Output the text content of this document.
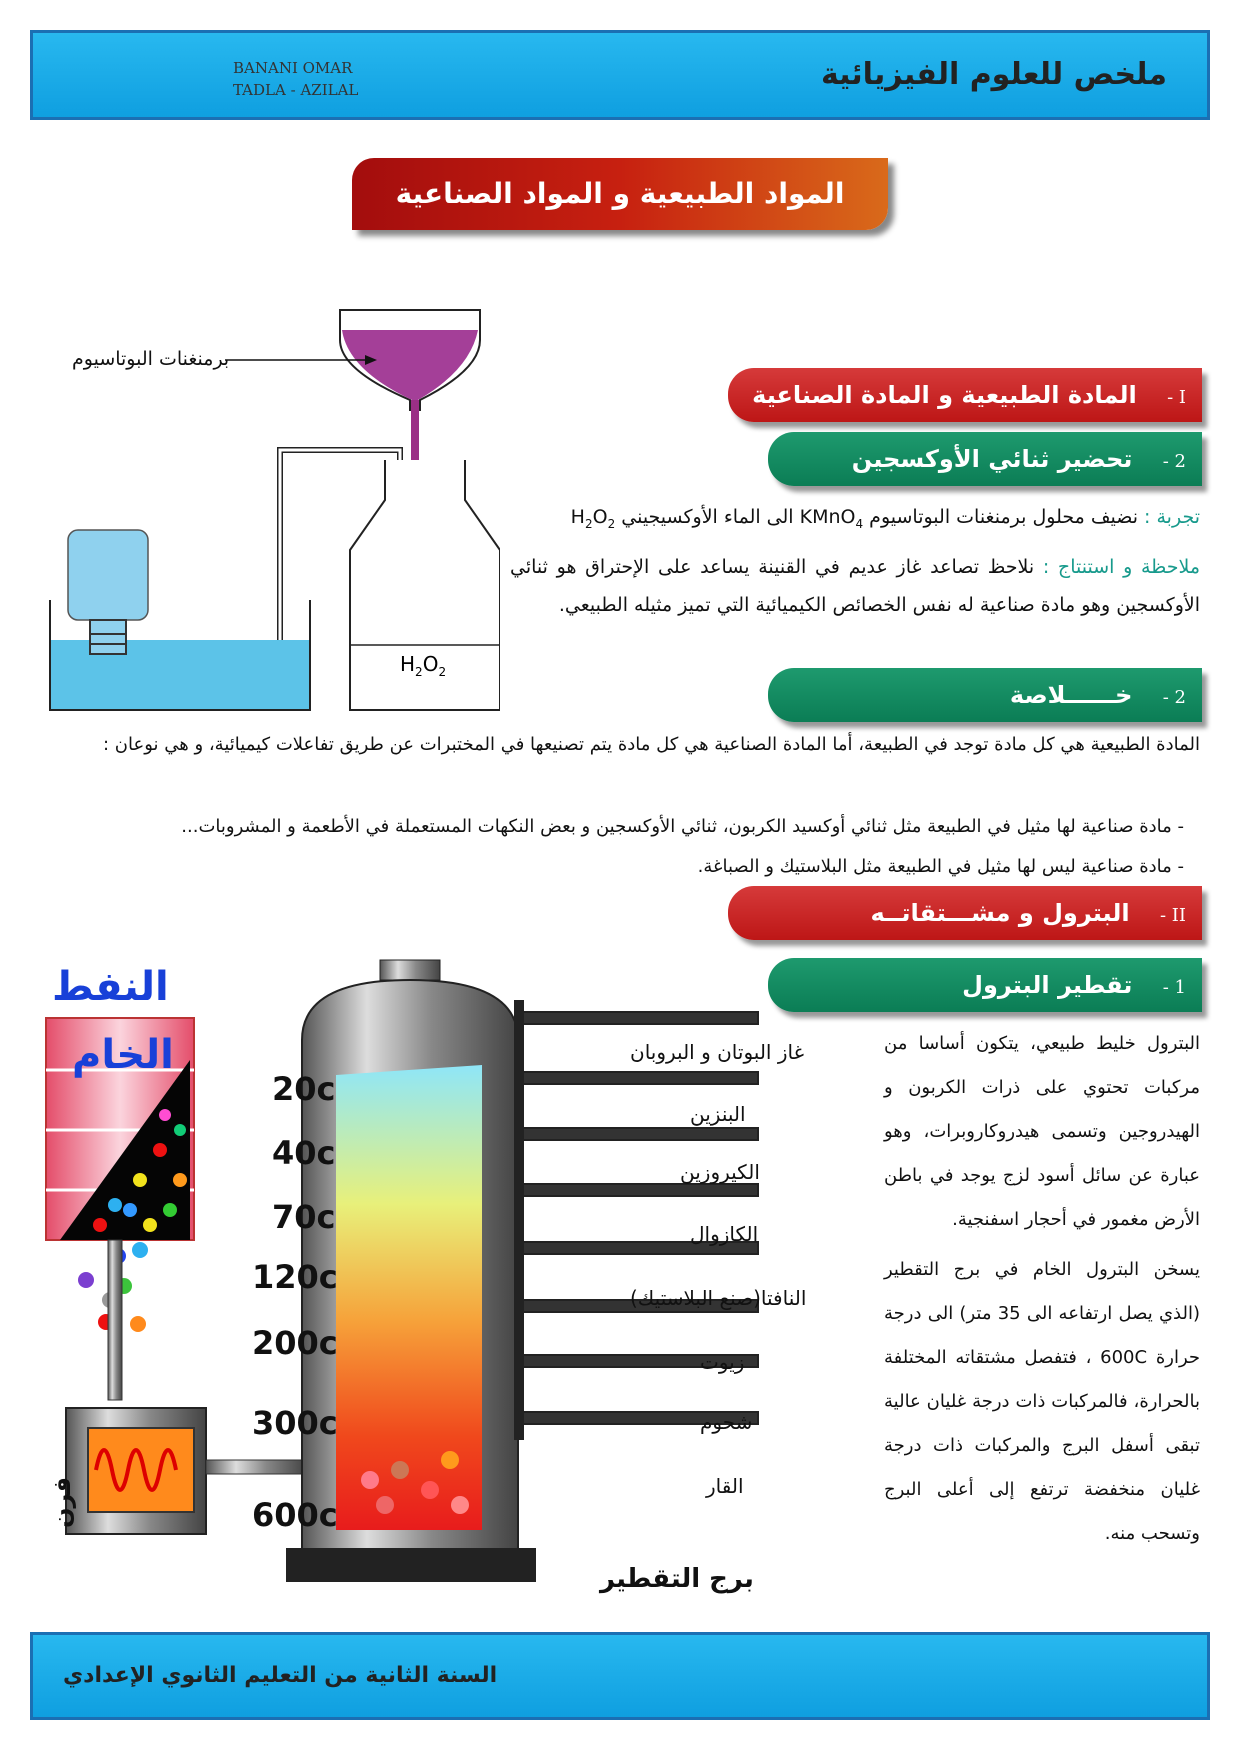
BANANI OMAR
TADLA - AZILAL	ملخص للعلوم الفيزيائية
المواد الطبيعية و المواد الصناعية
برمنغنات البوتاسيوم
$H_2O_2$
I - المادة الطبيعية و المادة الصناعية
2 - تحضير ثنائي الأوكسجين
تجربة : نضيف محلول برمنغنات البوتاسيوم KMnO$_4$ الى الماء الأوكسيجيني $H_2O_2$
ملاحظة و استنتاج : نلاحظ تصاعد غاز عديم في القنينة يساعد على الإحتراق هو ثنائي الأوكسجين وهو مادة صناعية له نفس الخصائص الكيميائية التي تميز مثيله الطبيعي.
2 - خــــــلاصة
المادة الطبيعية هي كل مادة توجد في الطبيعة، أما المادة الصناعية هي كل مادة يتم تصنيعها في المختبرات عن طريق تفاعلات كيميائية، و هي نوعان :
- مادة صناعية لها مثيل في الطبيعة مثل ثنائي أوكسيد الكربون، ثنائي الأوكسجين و بعض النكهات المستعملة في الأطعمة و المشروبات...
- مادة صناعية ليس لها مثيل في الطبيعة مثل البلاستيك و الصباغة.
II - البترول و مشـــتقاتــه
1 - تقطير البترول
البترول خليط طبيعي، يتكون أساسا من مركبات تحتوي على ذرات الكربون و الهيدروجين وتسمى هيدروكاروبرات، وهو عبارة عن سائل أسود لزج يوجد في باطن الأرض مغمور في أحجار اسفنجية.
يسخن البترول الخام في برج التقطير (الذي يصل ارتفاعه الى 35 متر) الى درجة حرارة 600C ، فتفصل مشتقاته المختلفة بالحرارة، فالمركبات ذات درجة غليان عالية تبقى أسفل البرج والمركبات ذات درجة غليان منخفضة ترتفع إلى أعلى البرج وتسحب منه.
النفط
الخام
فرن
برج التقطير
20c
40c
70c
120c
200c
300c
600c
غاز البوتان و البروبان
البنزين
الكيروزين
الكازوال
النافتا(صنع البلاستيك)
زيوت
شحوم
القار
السنة الثانية من التعليم الثانوي الإعدادي
